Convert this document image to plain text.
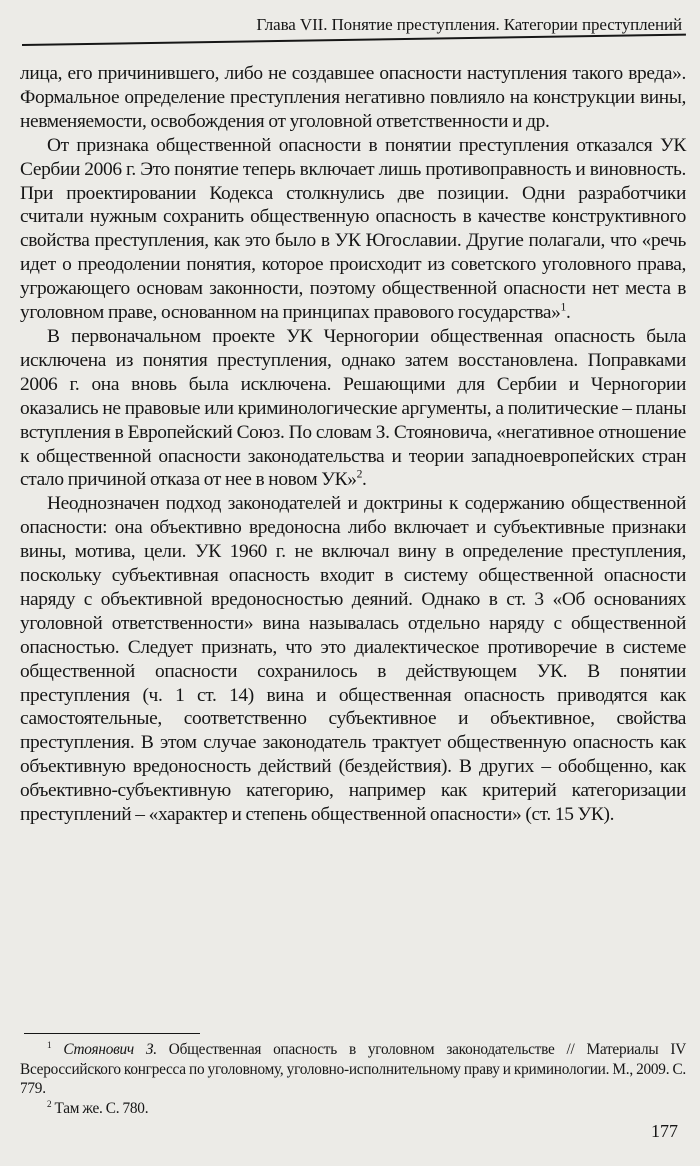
Глава VII. Понятие преступления. Категории преступлений

лица, его причинившего, либо не создавшее опасности наступления такого вреда». Формальное определение преступления негативно повлияло на конструкции вины, невменяемости, освобождения от уголовной ответственности и др.

От признака общественной опасности в понятии преступления отказался УК Сербии 2006 г. Это понятие теперь включает лишь противоправность и виновность. При проектировании Кодекса столкнулись две позиции. Одни разработчики считали нужным сохранить общественную опасность в качестве конструктивного свойства преступления, как это было в УК Югославии. Другие полагали, что «речь идет о преодолении понятия, которое происходит из советского уголовного права, угрожающего основам законности, поэтому общественной опасности нет места в уголовном праве, основанном на принципах правового государства»$^1$.

В первоначальном проекте УК Черногории общественная опасность была исключена из понятия преступления, однако затем восстановлена. Поправками 2006 г. она вновь была исключена. Решающими для Сербии и Черногории оказались не правовые или криминологические аргументы, а политические – планы вступления в Европейский Союз. По словам З. Стояновича, «негативное отношение к общественной опасности законодательства и теории западноевропейских стран стало причиной отказа от нее в новом УК»$^2$.

Неоднозначен подход законодателей и доктрины к содержанию общественной опасности: она объективно вредоносна либо включает и субъективные признаки вины, мотива, цели. УК 1960 г. не включал вину в определение преступления, поскольку субъективная опасность входит в систему общественной опасности наряду с объективной вредоносностью деяний. Однако в ст. 3 «Об основаниях уголовной ответственности» вина называлась отдельно наряду с общественной опасностью. Следует признать, что это диалектическое противоречие в системе общественной опасности сохранилось в действующем УК. В понятии преступления (ч. 1 ст. 14) вина и общественная опасность приводятся как самостоятельные, соответственно субъективное и объективное, свойства преступления. В этом случае законодатель трактует общественную опасность как объективную вредоносность действий (бездействия). В других – обобщенно, как объективно-субъективную категорию, например как критерий категоризации преступлений – «характер и степень общественной опасности» (ст. 15 УК).

$^1$ Стоянович З. Общественная опасность в уголовном законодательстве // Материалы IV Всероссийского конгресса по уголовному, уголовно-исполнительному праву и криминологии. М., 2009. С. 779.

$^2$ Там же. С. 780.

177
